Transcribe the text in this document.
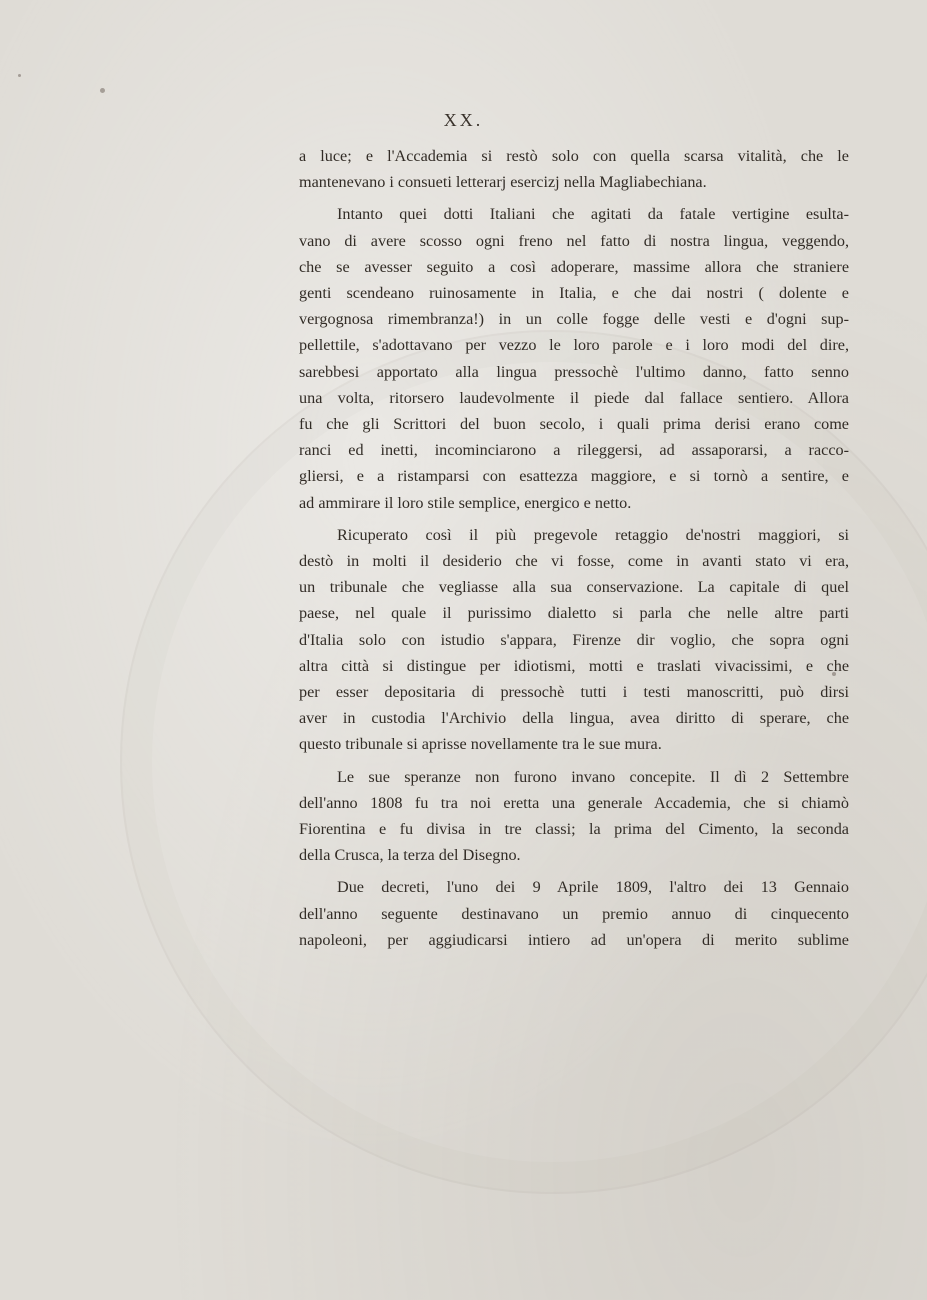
XX.
a luce; e l'Accademia si restò solo con quella scarsa vitalità, che le
mantenevano i consueti letterarj esercizj nella Magliabechiana.
Intanto quei dotti Italiani che agitati da fatale vertigine esulta-
vano di avere scosso ogni freno nel fatto di nostra lingua, veggendo,
che se avesser seguito a così adoperare, massime allora che straniere
genti scendeano ruinosamente in Italia, e che dai nostri ( dolente e
vergognosa rimembranza!) in un colle fogge delle vesti e d'ogni sup-
pellettile, s'adottavano per vezzo le loro parole e i loro modi del dire,
sarebbesi apportato alla lingua pressochè l'ultimo danno, fatto senno
una volta, ritorsero laudevolmente il piede dal fallace sentiero. Allora
fu che gli Scrittori del buon secolo, i quali prima derisi erano come
ranci ed inetti, incominciarono a rileggersi, ad assaporarsi, a racco-
gliersi, e a ristamparsi con esattezza maggiore, e si tornò a sentire, e
ad ammirare il loro stile semplice, energico e netto.
Ricuperato così il più pregevole retaggio de'nostri maggiori, si
destò in molti il desiderio che vi fosse, come in avanti stato vi era,
un tribunale che vegliasse alla sua conservazione. La capitale di quel
paese, nel quale il purissimo dialetto si parla che nelle altre parti
d'Italia solo con istudio s'appara, Firenze dir voglio, che sopra ogni
altra città si distingue per idiotismi, motti e traslati vivacissimi, e che
per esser depositaria di pressochè tutti i testi manoscritti, può dirsi
aver in custodia l'Archivio della lingua, avea diritto di sperare, che
questo tribunale si aprisse novellamente tra le sue mura.
Le sue speranze non furono invano concepite. Il dì 2 Settembre
dell'anno 1808 fu tra noi eretta una generale Accademia, che si chiamò
Fiorentina e fu divisa in tre classi; la prima del Cimento, la seconda
della Crusca, la terza del Disegno.
Due decreti, l'uno dei 9 Aprile 1809, l'altro dei 13 Gennaio
dell'anno seguente destinavano un premio annuo di cinquecento
napoleoni, per aggiudicarsi intiero ad un'opera di merito sublime
